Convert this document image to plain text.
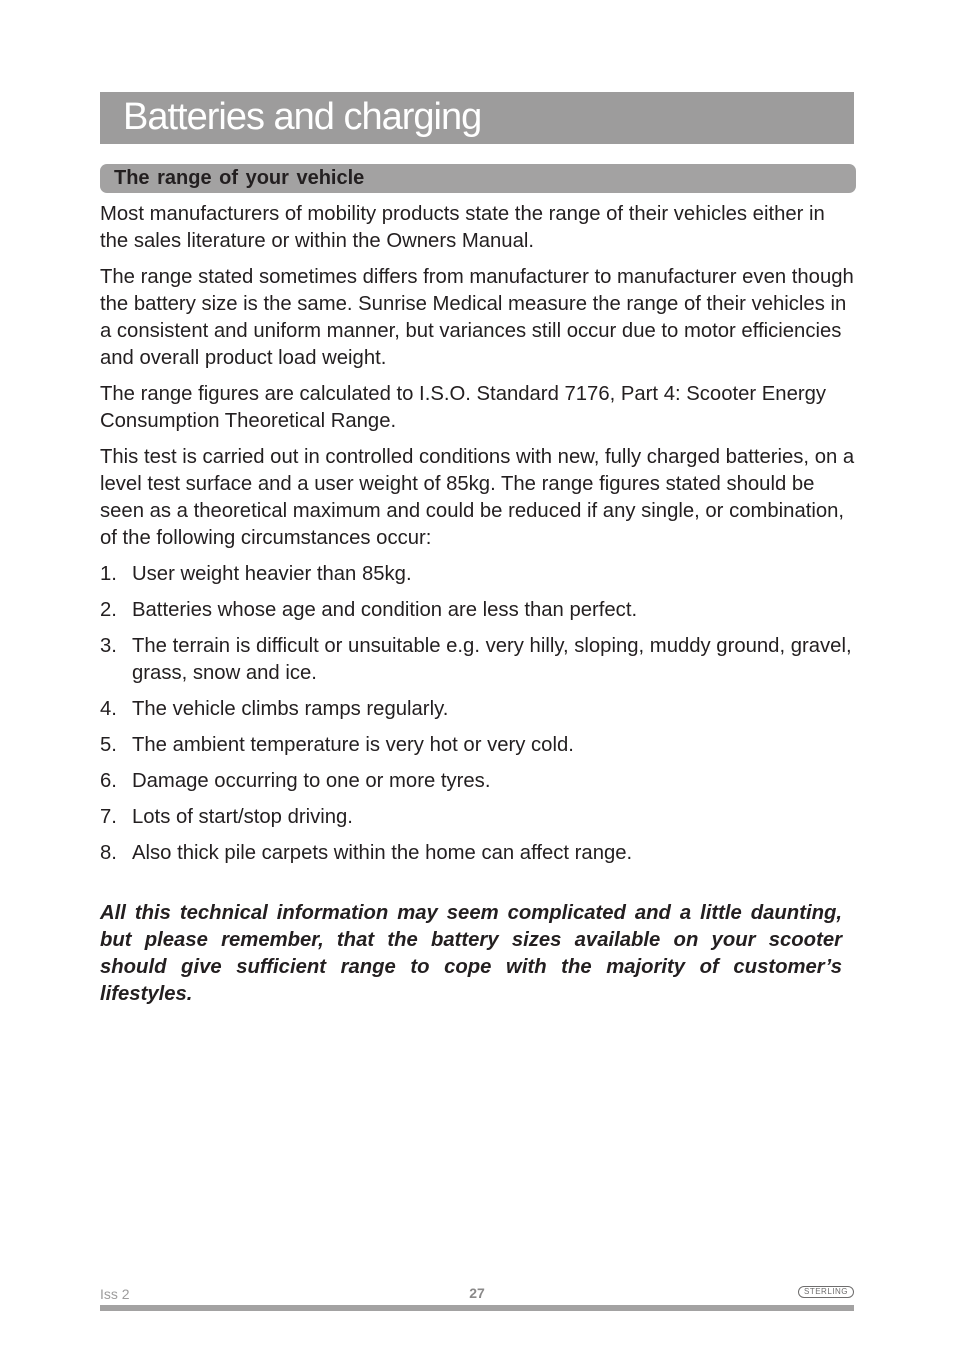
Batteries and charging
The range of your vehicle

Most manufacturers of mobility products state the range of their vehicles either in the sales literature or within the Owners Manual.

The range stated sometimes differs from manufacturer to manufacturer even though the battery size is the same. Sunrise Medical measure the range of their vehicles in a consistent and uniform manner, but variances still occur due to motor efficiencies and overall product load weight.

The range figures are calculated to I.S.O. Standard 7176, Part 4: Scooter Energy Consumption Theoretical Range.

This test is carried out in controlled conditions with new, fully charged batteries, on a level test surface and a user weight of 85kg. The range figures stated should be seen as a theoretical maximum and could be reduced if any single, or combination, of the following circumstances occur:

1. User weight heavier than 85kg.
2. Batteries whose age and condition are less than perfect.
3. The terrain is difficult or unsuitable e.g. very hilly, sloping, muddy ground, gravel, grass, snow and ice.
4. The vehicle climbs ramps regularly.
5. The ambient temperature is very hot or very cold.
6. Damage occurring to one or more tyres.
7. Lots of start/stop driving.
8. Also thick pile carpets within the home can affect range.

All this technical information may seem complicated and a little daunting, but please remember, that the battery sizes available on your scooter should give sufficient range to cope with the majority of customer’s lifestyles.

Iss 2	27	STERLING
